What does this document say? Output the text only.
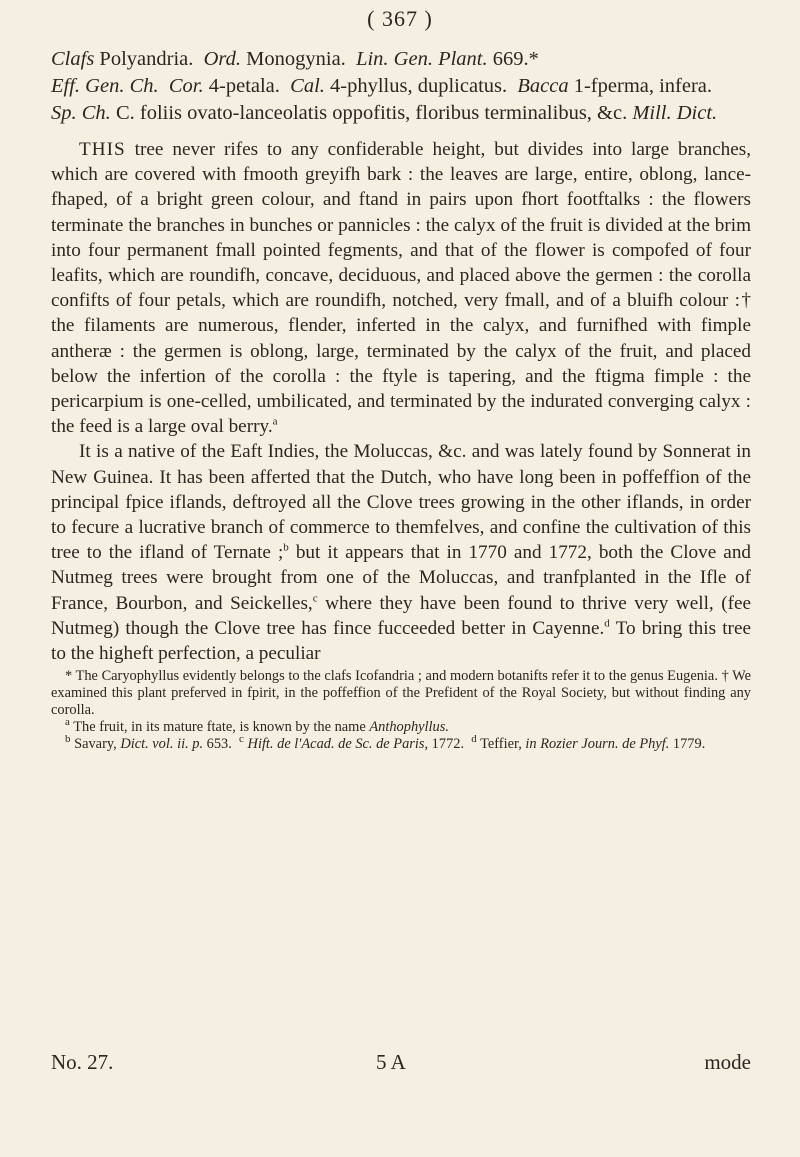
( 367 )

Clafs Polyandria. Ord. Monogynia. Lin. Gen. Plant. 669.*

Eff. Gen. Ch. Cor. 4-petala. Cal. 4-phyllus, duplicatus. Bacca 1-fperma, infera.

Sp. Ch. C. foliis ovato-lanceolatis oppofitis, floribus terminalibus, &c. Mill. Dict.

THIS tree never rifes to any confiderable height, but divides into large branches, which are covered with fmooth greyifh bark : the leaves are large, entire, oblong, lance-fhaped, of a bright green colour, and ftand in pairs upon fhort footftalks : the flowers terminate the branches in bunches or pannicles : the calyx of the fruit is divided at the brim into four permanent fmall pointed fegments, and that of the flower is compofed of four leafits, which are roundifh, concave, deciduous, and placed above the germen : the corolla confifts of four petals, which are roundifh, notched, very fmall, and of a bluifh colour :† the filaments are numerous, flender, inferted in the calyx, and furnifhed with fimple antheræ : the germen is oblong, large, terminated by the calyx of the fruit, and placed below the infertion of the corolla : the ftyle is tapering, and the ftigma fimple : the pericarpium is one-celled, umbilicated, and terminated by the indurated converging calyx : the feed is a large oval berry.$^a$

It is a native of the Eaft Indies, the Moluccas, &c. and was lately found by Sonnerat in New Guinea. It has been afferted that the Dutch, who have long been in poffeffion of the principal fpice iflands, deftroyed all the Clove trees growing in the other iflands, in order to fecure a lucrative branch of commerce to themfelves, and confine the cultivation of this tree to the ifland of Ternate ;$^b$ but it appears that in 1770 and 1772, both the Clove and Nutmeg trees were brought from one of the Moluccas, and tranfplanted in the Ifle of France, Bourbon, and Seickelles,$^c$ where they have been found to thrive very well, (fee Nutmeg) though the Clove tree has fince fucceeded better in Cayenne.$^d$ To bring this tree to the higheft perfection, a peculiar

* The Caryophyllus evidently belongs to the clafs Icofandria ; and modern botanifts refer it to the genus Eugenia. † We examined this plant preferved in fpirit, in the poffeffion of the Prefident of the Royal Society, but without finding any corolla.

$^a$ The fruit, in its mature ftate, is known by the name Anthophyllus.

$^b$ Savary, Dict. vol. ii. p. 653. $^c$ Hift. de l'Acad. de Sc. de Paris, 1772. $^d$ Teffier, in Rozier Journ. de Phyf. 1779.

No. 27.	5 A	mode
